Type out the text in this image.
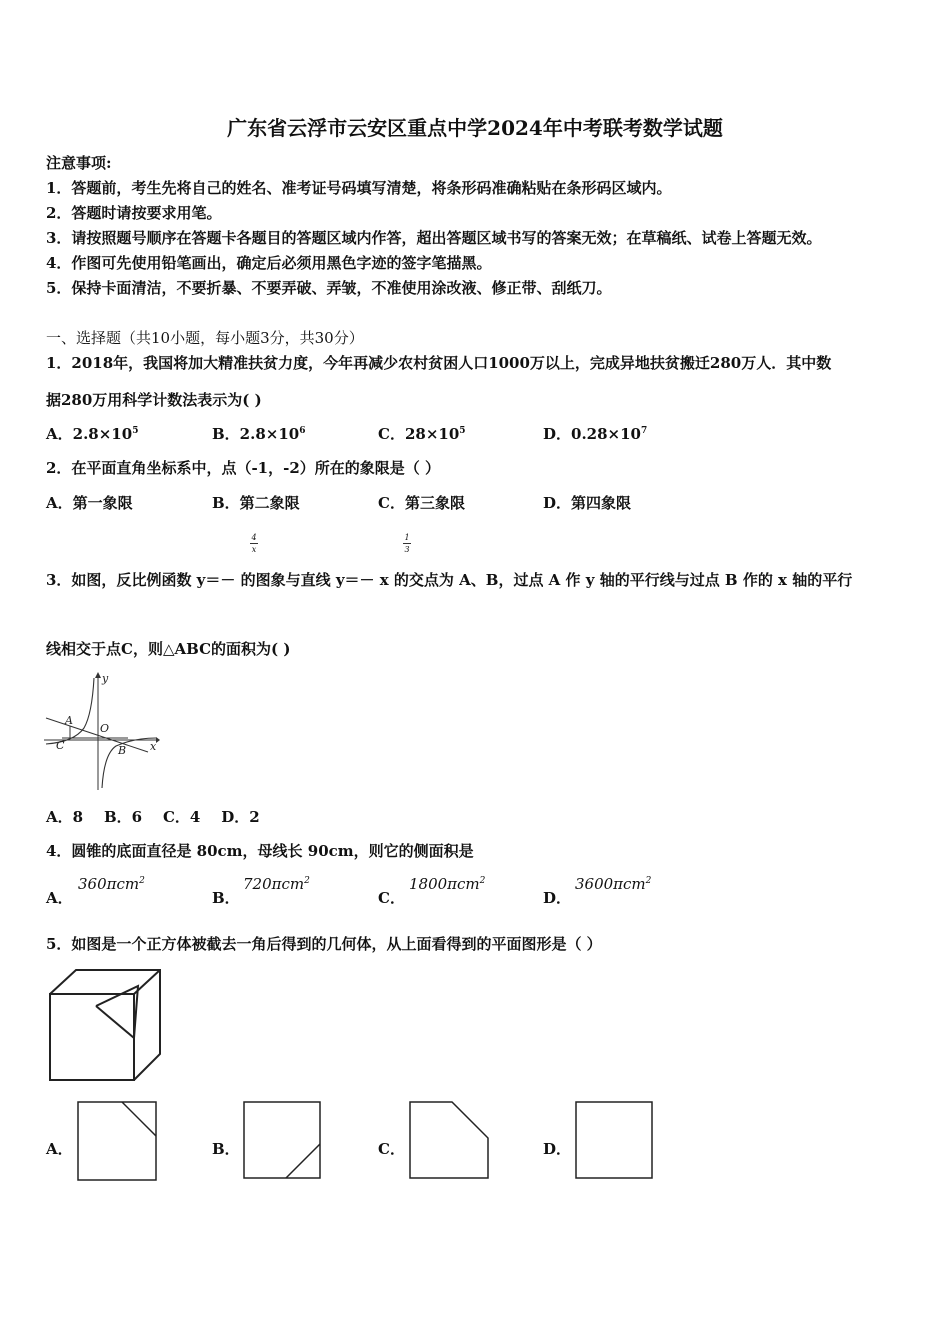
广东省云浮市云安区重点中学2024年中考联考数学试题
注意事项:
1．答题前，考生先将自己的姓名、准考证号码填写清楚，将条形码准确粘贴在条形码区域内。
2．答题时请按要求用笔。
3．请按照题号顺序在答题卡各题目的答题区域内作答，超出答题区域书写的答案无效；在草稿纸、试卷上答题无效。
4．作图可先使用铅笔画出，确定后必须用黑色字迹的签字笔描黑。
5．保持卡面清洁，不要折暴、不要弄破、弄皱，不准使用涂改液、修正带、刮纸刀。
一、选择题（共10小题，每小题3分，共30分）
1．2018年，我国将加大精准扶贫力度，今年再减少农村贫困人口1000万以上，完成异地扶贫搬迁280万人．其中数
据280万用科学计数法表示为( )
A．$2.8\times 10^5$	B．$2.8\times 10^6$	C．$28\times 10^5$	D．$0.28\times 10^7$
2．在平面直角坐标系中，点（-1，-2）所在的象限是（ ）
A．第一象限	B．第二象限	C．第三象限	D．第四象限
4
x
1
3
3．如图，反比例函数 y＝－ 的图象与直线 y＝－ x 的交点为 A、B，过点 A 作 y 轴的平行线与过点 B 作的 x 轴的平行
线相交于点C，则△ABC的面积为( )
y
x
A
O
C	B
A．8    B．6    C．4    D．2
4．圆锥的底面直径是 80cm，母线长 90cm，则它的侧面积是
A．
360πcm$^2$
B．
720πcm$^2$
C．
1800πcm$^2$
D．
3600πcm$^2$
5．如图是一个正方体被截去一角后得到的几何体，从上面看得到的平面图形是（ ）
A．	B．	C．	D．
